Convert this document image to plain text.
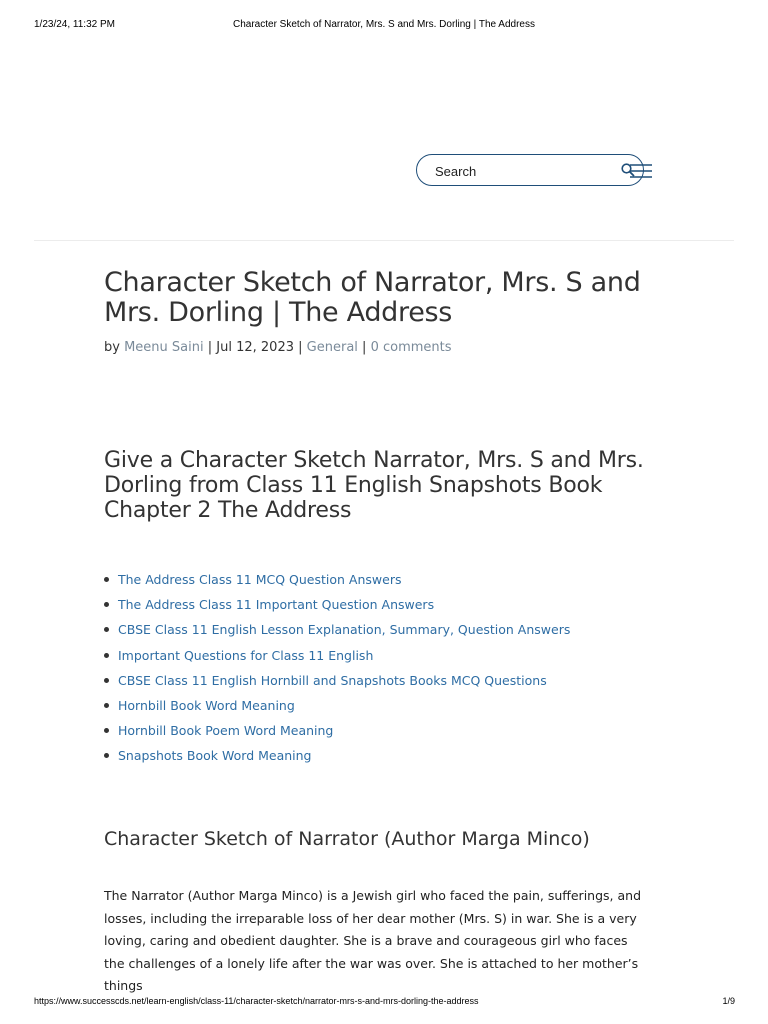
1/23/24, 11:32 PM	Character Sketch of Narrator, Mrs. S and Mrs. Dorling | The Address
Search
Character Sketch of Narrator, Mrs. S and Mrs. Dorling | The Address
by Meenu Saini | Jul 12, 2023 | General | 0 comments
Give a Character Sketch Narrator, Mrs. S and Mrs. Dorling from Class 11 English Snapshots Book Chapter 2 The Address
The Address Class 11 MCQ Question Answers
The Address Class 11 Important Question Answers
CBSE Class 11 English Lesson Explanation, Summary, Question Answers
Important Questions for Class 11 English
CBSE Class 11 English Hornbill and Snapshots Books MCQ Questions
Hornbill Book Word Meaning
Hornbill Book Poem Word Meaning
Snapshots Book Word Meaning
Character Sketch of Narrator (Author Marga Minco)

The Narrator (Author Marga Minco) is a Jewish girl who faced the pain, sufferings, and losses, including the irreparable loss of her dear mother (Mrs. S) in war. She is a very loving, caring and obedient daughter. She is a brave and courageous girl who faces the challenges of a lonely life after the war was over. She is attached to her mother’s things

https://www.successcds.net/learn-english/class-11/character-sketch/narrator-mrs-s-and-mrs-dorling-the-address	1/9
